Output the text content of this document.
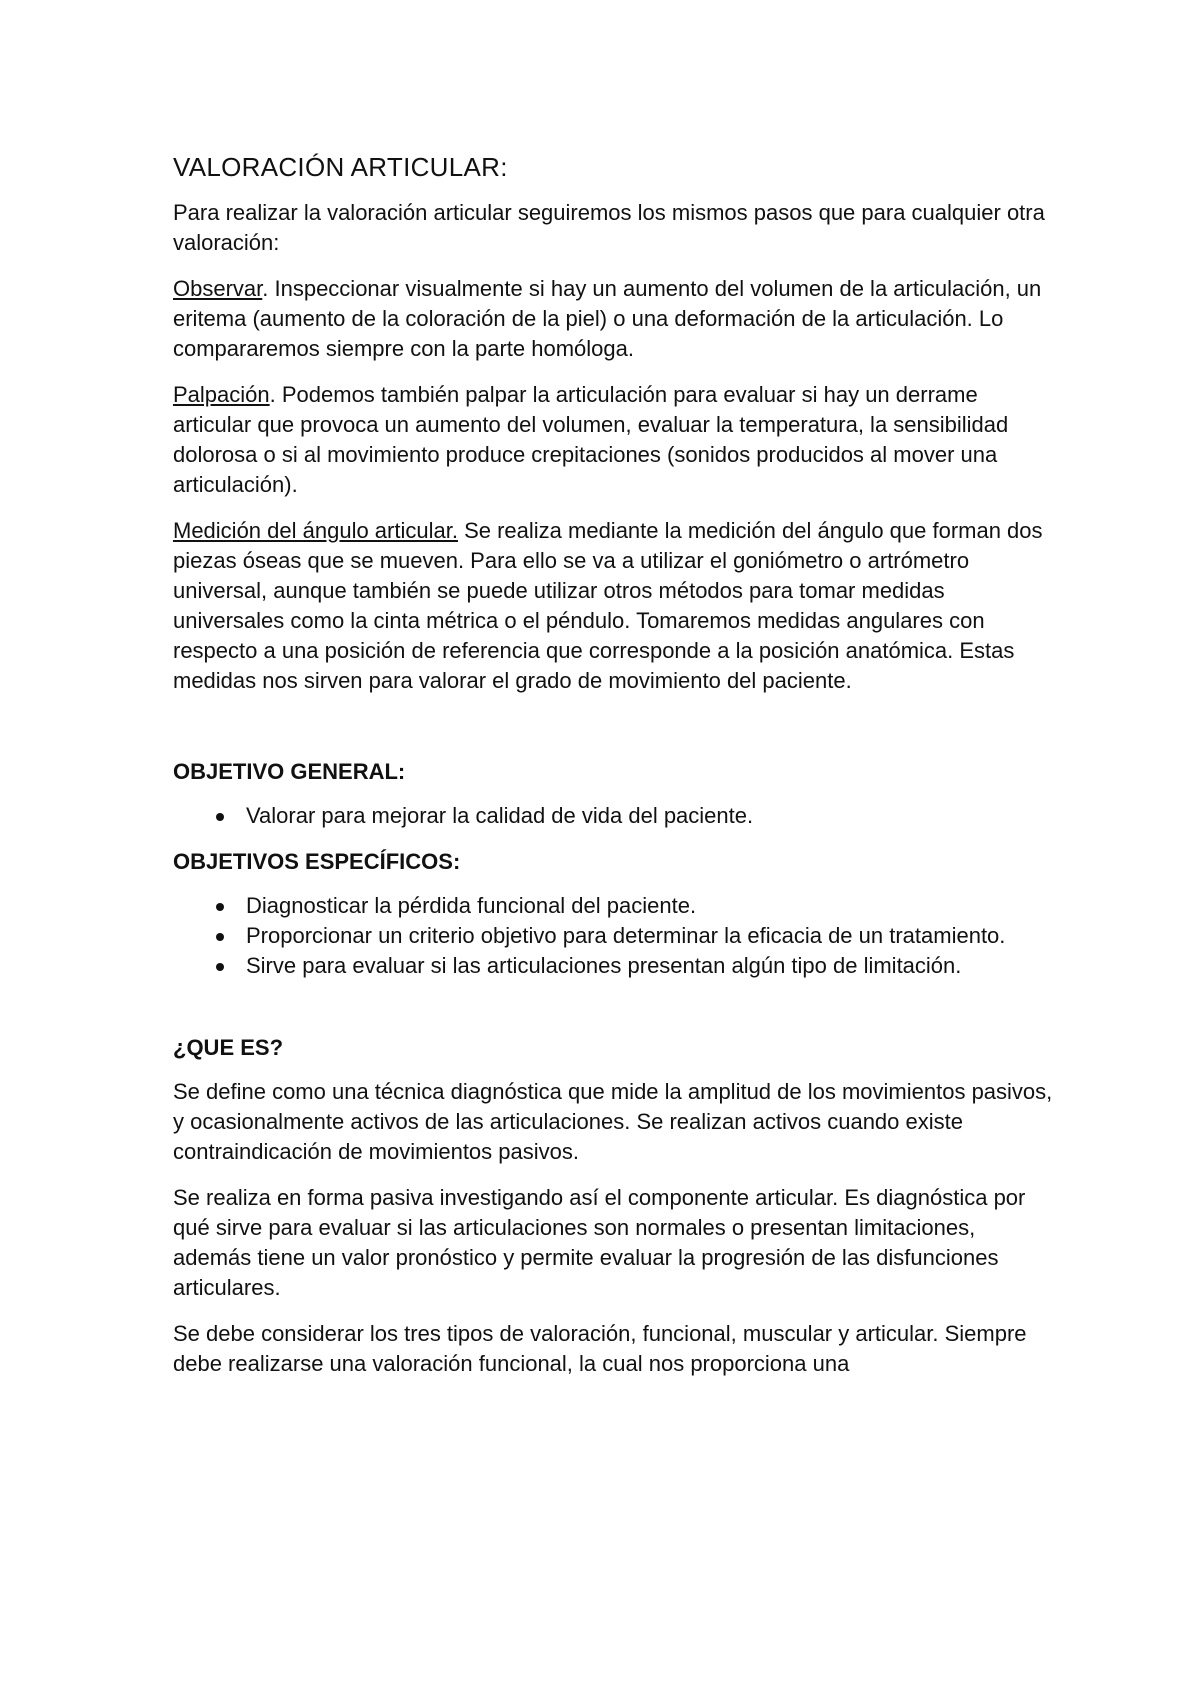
VALORACIÓN ARTICULAR:

Para realizar la valoración articular seguiremos los mismos pasos que para cualquier otra valoración:

Observar. Inspeccionar visualmente si hay un aumento del volumen de la articulación, un eritema (aumento de la coloración de la piel) o una deformación de la articulación. Lo compararemos siempre con la parte homóloga.

Palpación. Podemos también palpar la articulación para evaluar si hay un derrame articular que provoca un aumento del volumen, evaluar la temperatura, la sensibilidad dolorosa o si al movimiento produce crepitaciones (sonidos producidos al mover una articulación).

Medición del ángulo articular. Se realiza mediante la medición del ángulo que forman dos piezas óseas que se mueven. Para ello se va a utilizar el goniómetro o artrómetro universal, aunque también se puede utilizar otros métodos para tomar medidas universales como la cinta métrica o el péndulo. Tomaremos medidas angulares con respecto a una posición de referencia que corresponde a la posición anatómica. Estas medidas nos sirven para valorar el grado de movimiento del paciente.

OBJETIVO GENERAL:
Valorar para mejorar la calidad de vida del paciente.
OBJETIVOS ESPECÍFICOS:
Diagnosticar la pérdida funcional del paciente.
Proporcionar un criterio objetivo para determinar la eficacia de un tratamiento.
Sirve para evaluar si las articulaciones presentan algún tipo de limitación.
¿QUE ES?

Se define como una técnica diagnóstica que mide la amplitud de los movimientos pasivos, y ocasionalmente activos de las articulaciones. Se realizan activos cuando existe contraindicación de movimientos pasivos.

Se realiza en forma pasiva investigando así el componente articular. Es diagnóstica por qué sirve para evaluar si las articulaciones son normales o presentan limitaciones, además tiene un valor pronóstico y permite evaluar la progresión de las disfunciones articulares.

Se debe considerar los tres tipos de valoración, funcional, muscular y articular. Siempre debe realizarse una valoración funcional, la cual nos proporciona una
